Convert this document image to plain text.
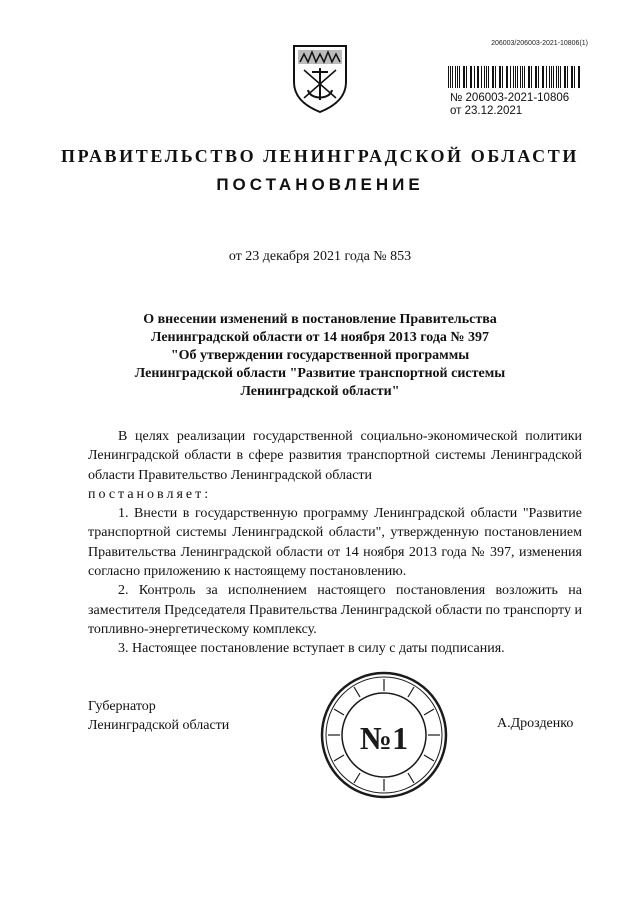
206003/206003-2021-10806(1)
№ 206003-2021-10806
от 23.12.2021
ПРАВИТЕЛЬСТВО ЛЕНИНГРАДСКОЙ ОБЛАСТИ
ПОСТАНОВЛЕНИЕ
от 23 декабря 2021 года № 853
О внесении изменений в постановление Правительства
Ленинградской области от 14 ноября 2013 года № 397
"Об утверждении государственной программы
Ленинградской области "Развитие транспортной системы
Ленинградской области"

В целях реализации государственной социально-экономической политики Ленинградской области в сфере развития транспортной системы Ленинградской области Правительство Ленинградской области

постановляет:

1. Внести в государственную программу Ленинградской области "Развитие транспортной системы Ленинградской области", утвержденную постановлением Правительства Ленинградской области от 14 ноября 2013 года № 397, изменения согласно приложению к настоящему постановлению.

2. Контроль за исполнением настоящего постановления возложить на заместителя Председателя Правительства Ленинградской области по транспорту и топливно-энергетическому комплексу.

3. Настоящее постановление вступает в силу с даты подписания.

Губернатор
Ленинградской области	А.Дрозденко
№1
